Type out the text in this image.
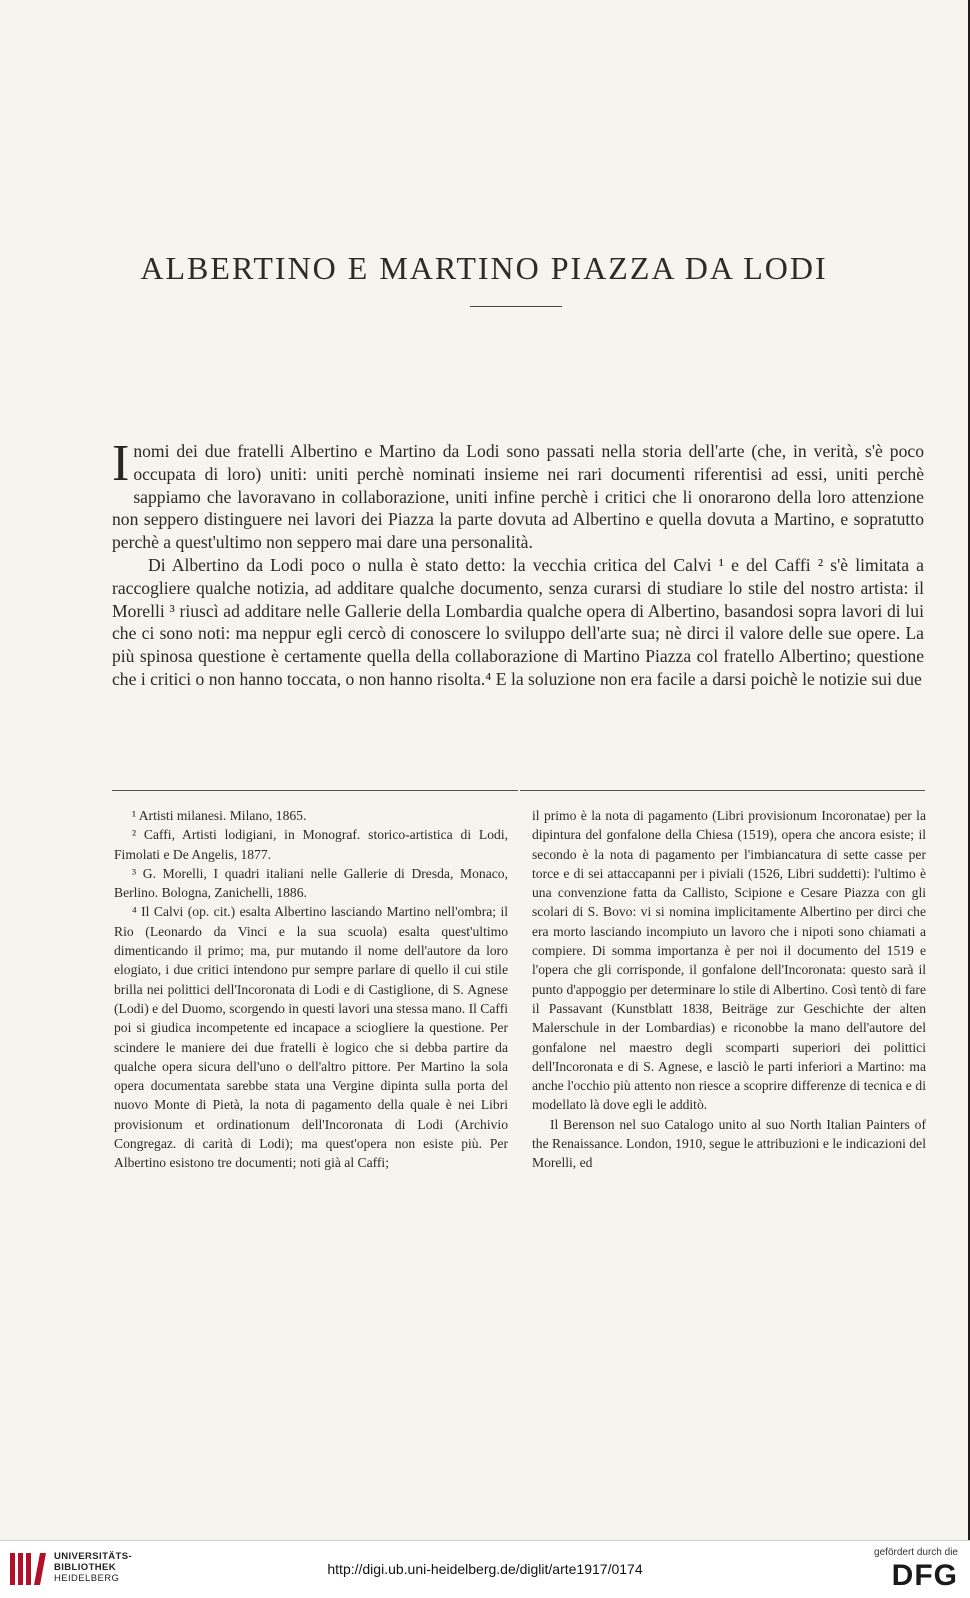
ALBERTINO E MARTINO PIAZZA DA LODI

Inomi dei due fratelli Albertino e Martino da Lodi sono passati nella storia dell'arte (che, in verità, s'è poco occupata di loro) uniti: uniti perchè nominati insieme nei rari documenti riferentisi ad essi, uniti perchè sappiamo che lavoravano in collaborazione, uniti infine perchè i critici che li onorarono della loro attenzione non seppero distinguere nei lavori dei Piazza la parte dovuta ad Albertino e quella dovuta a Martino, e sopratutto perchè a quest'ultimo non seppero mai dare una personalità.

Di Albertino da Lodi poco o nulla è stato detto: la vecchia critica del Calvi ¹ e del Caffi ² s'è limitata a raccogliere qualche notizia, ad additare qualche documento, senza curarsi di studiare lo stile del nostro artista: il Morelli ³ riuscì ad additare nelle Gallerie della Lombardia qualche opera di Albertino, basandosi sopra lavori di lui che ci sono noti: ma neppur egli cercò di conoscere lo sviluppo dell'arte sua; nè dirci il valore delle sue opere. La più spinosa questione è certamente quella della collaborazione di Martino Piazza col fratello Albertino; questione che i critici o non hanno toccata, o non hanno risolta.⁴ E la soluzione non era facile a darsi poichè le notizie sui due

¹ Artisti milanesi. Milano, 1865.

² Caffi, Artisti lodigiani, in Monograf. storico-artistica di Lodi, Fimolati e De Angelis, 1877.

³ G. Morelli, I quadri italiani nelle Gallerie di Dresda, Monaco, Berlino. Bologna, Zanichelli, 1886.

⁴ Il Calvi (op. cit.) esalta Albertino lasciando Martino nell'ombra; il Rio (Leonardo da Vinci e la sua scuola) esalta quest'ultimo dimenticando il primo; ma, pur mutando il nome dell'autore da loro elogiato, i due critici intendono pur sempre parlare di quello il cui stile brilla nei polittici dell'Incoronata di Lodi e di Castiglione, di S. Agnese (Lodi) e del Duomo, scorgendo in questi lavori una stessa mano. Il Caffi poi si giudica incompetente ed incapace a sciogliere la questione. Per scindere le maniere dei due fratelli è logico che si debba partire da qualche opera sicura dell'uno o dell'altro pittore. Per Martino la sola opera documentata sarebbe stata una Vergine dipinta sulla porta del nuovo Monte di Pietà, la nota di pagamento della quale è nei Libri provisionum et ordinationum dell'Incoronata di Lodi (Archivio Congregaz. di carità di Lodi); ma quest'opera non esiste più. Per Albertino esistono tre documenti; noti già al Caffi;

il primo è la nota di pagamento (Libri provisionum Incoronatae) per la dipintura del gonfalone della Chiesa (1519), opera che ancora esiste; il secondo è la nota di pagamento per l'imbiancatura di sette casse per torce e di sei attaccapanni per i piviali (1526, Libri suddetti): l'ultimo è una convenzione fatta da Callisto, Scipione e Cesare Piazza con gli scolari di S. Bovo: vi si nomina implicitamente Albertino per dirci che era morto lasciando incompiuto un lavoro che i nipoti sono chiamati a compiere. Di somma importanza è per noi il documento del 1519 e l'opera che gli corrisponde, il gonfalone dell'Incoronata: questo sarà il punto d'appoggio per determinare lo stile di Albertino. Così tentò di fare il Passavant (Kunstblatt 1838, Beiträge zur Geschichte der alten Malerschule in der Lombardias) e riconobbe la mano dell'autore del gonfalone nel maestro degli scomparti superiori dei polittici dell'Incoronata e di S. Agnese, e lasciò le parti inferiori a Martino: ma anche l'occhio più attento non riesce a scoprire differenze di tecnica e di modellato là dove egli le additò.

Il Berenson nel suo Catalogo unito al suo North Italian Painters of the Renaissance. London, 1910, segue le attribuzioni e le indicazioni del Morelli, ed

UNIVERSITÄTS-
BIBLIOTHEK
HEIDELBERG
http://digi.ub.uni-heidelberg.de/diglit/arte1917/0174
gefördert durch die
DFG
